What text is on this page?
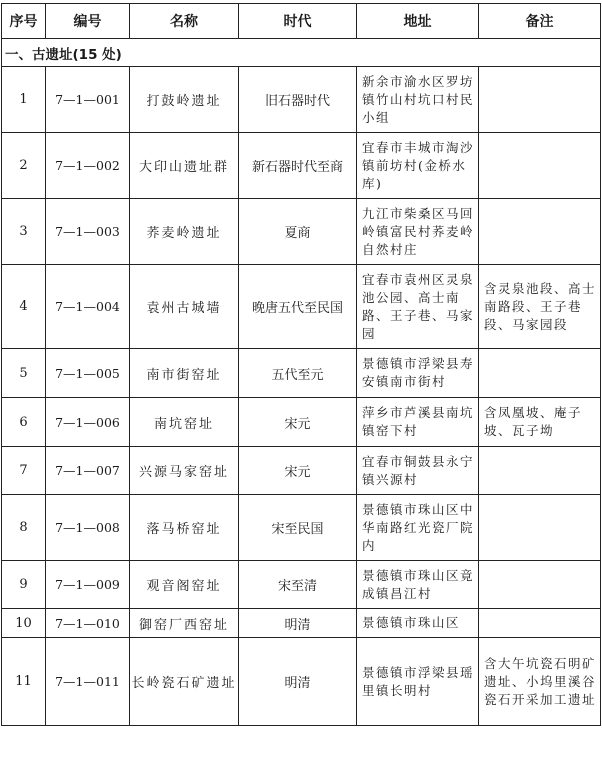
序号	编号	名称	时代	地址	备注
一、古遗址(15 处)					
1	7—1—001	打鼓岭遗址	旧石器时代	新余市渝水区罗坊镇竹山村坑口村民小组	
2	7—1—002	大印山遗址群	新石器时代至商	宜春市丰城市淘沙镇前坊村(金桥水库)	
3	7—1—003	荞麦岭遗址	夏商	九江市柴桑区马回岭镇富民村荞麦岭自然村庄	
4	7—1—004	袁州古城墙	晚唐五代至民国	宜春市袁州区灵泉池公园、高士南路、王子巷、马家园	含灵泉池段、高士南路段、王子巷段、马家园段
5	7—1—005	南市街窑址	五代至元	景德镇市浮梁县寿安镇南市街村	
6	7—1—006	南坑窑址	宋元	萍乡市芦溪县南坑镇窑下村	含凤凰坡、庵子坡、瓦子坳
7	7—1—007	兴源马家窑址	宋元	宜春市铜鼓县永宁镇兴源村	
8	7—1—008	落马桥窑址	宋至民国	景德镇市珠山区中华南路红光瓷厂院内	
9	7—1—009	观音阁窑址	宋至清	景德镇市珠山区竟成镇昌江村	
10	7—1—010	御窑厂西窑址	明清	景德镇市珠山区	
11	7—1—011	长岭瓷石矿遗址	明清	景德镇市浮梁县瑶里镇长明村	含大午坑瓷石明矿遗址、小坞里溪谷瓷石开采加工遗址
